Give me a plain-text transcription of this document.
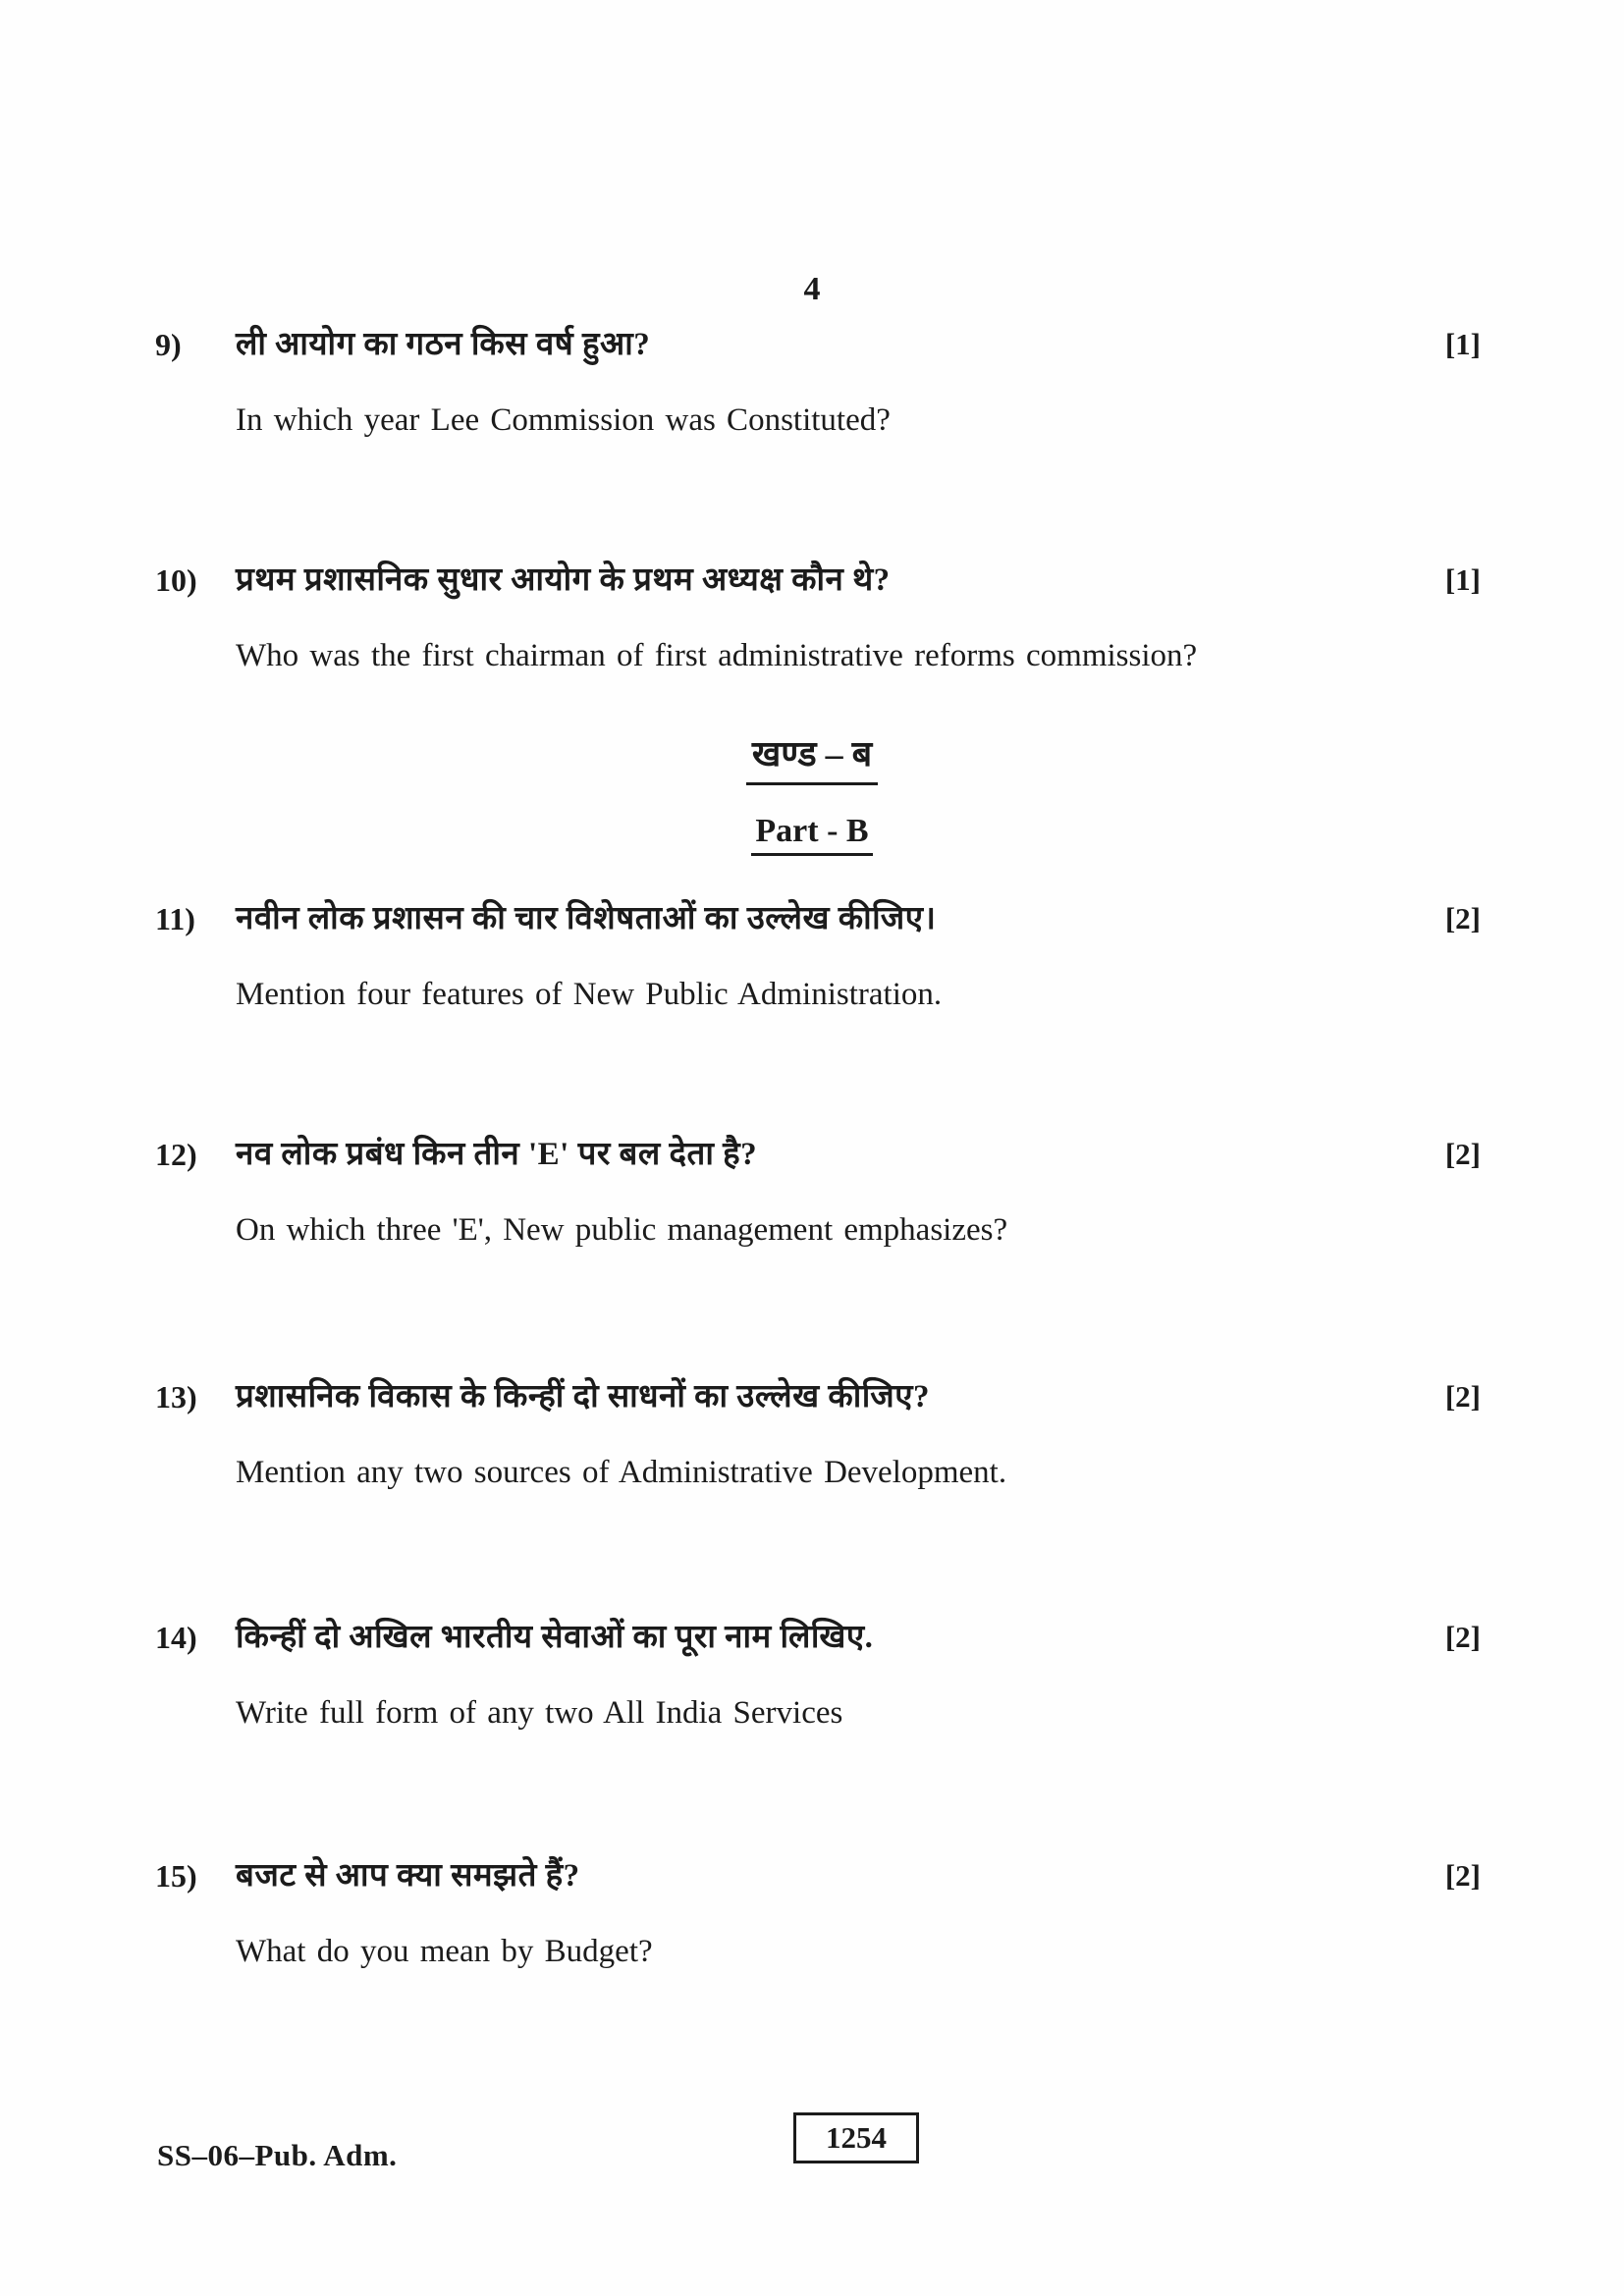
4
9) ली आयोग का गठन किस वर्ष हुआ?	[1]
In which year Lee Commission was Constituted?
10) प्रथम प्रशासनिक सुधार आयोग के प्रथम अध्यक्ष कौन थे?	[1]
Who was the first chairman of first administrative reforms commission?
खण्ड – ब
Part - B
11) नवीन लोक प्रशासन की चार विशेषताओं का उल्लेख कीजिए।	[2]
Mention four features of New Public Administration.
12) नव लोक प्रबंध किन तीन 'E' पर बल देता है?	[2]
On which three 'E', New public management emphasizes?
13) प्रशासनिक विकास के किन्हीं दो साधनों का उल्लेख कीजिए?	[2]
Mention any two sources of Administrative Development.
14) किन्हीं दो अखिल भारतीय सेवाओं का पूरा नाम लिखिए.	[2]
Write full form of any two All India Services
15) बजट से आप क्या समझते हैं?	[2]
What do you mean by Budget?
SS–06–Pub. Adm.
1254
